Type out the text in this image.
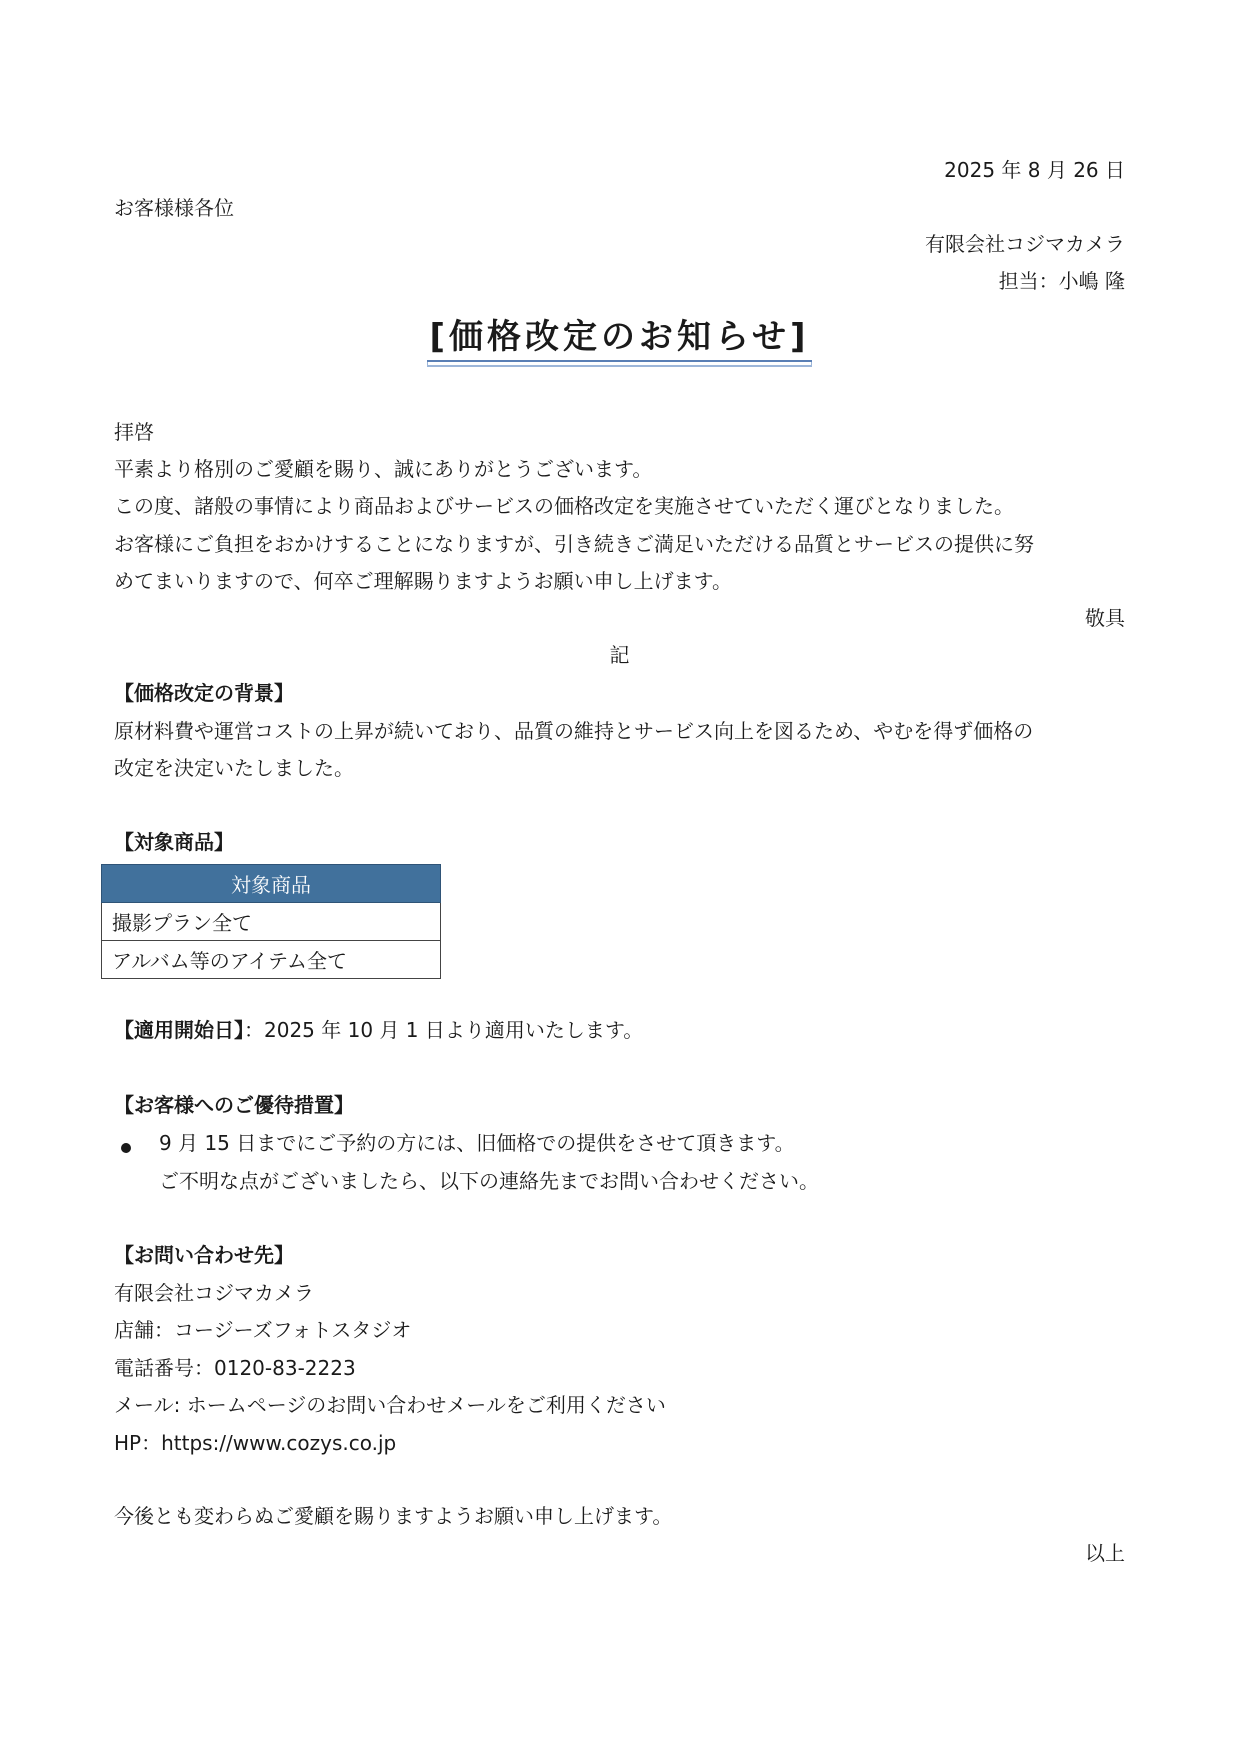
2025 年 8 月 26 日
お客様様各位
有限会社コジマカメラ
担当：小嶋 隆
[価格改定のお知らせ]
拝啓
平素より格別のご愛顧を賜り、誠にありがとうございます。
この度、諸般の事情により商品およびサービスの価格改定を実施させていただく運びとなりました。
お客様にご負担をおかけすることになりますが、引き続きご満足いただける品質とサービスの提供に努
めてまいりますので、何卒ご理解賜りますようお願い申し上げます。
敬具
記
【価格改定の背景】
原材料費や運営コストの上昇が続いており、品質の維持とサービス向上を図るため、やむを得ず価格の
改定を決定いたしました。
【対象商品】
対象商品
撮影プラン全て
アルバム等のアイテム全て
【適用開始日】：2025 年 10 月 1 日より適用いたします。
【お客様へのご優待措置】
9 月 15 日までにご予約の方には、旧価格での提供をさせて頂きます。
ご不明な点がございましたら、以下の連絡先までお問い合わせください。
【お問い合わせ先】
有限会社コジマカメラ
店舗：コージーズフォトスタジオ
電話番号：0120-83-2223
メール: ホームページのお問い合わせメールをご利用ください
HP：https://www.cozys.co.jp
今後とも変わらぬご愛顧を賜りますようお願い申し上げます。
以上
